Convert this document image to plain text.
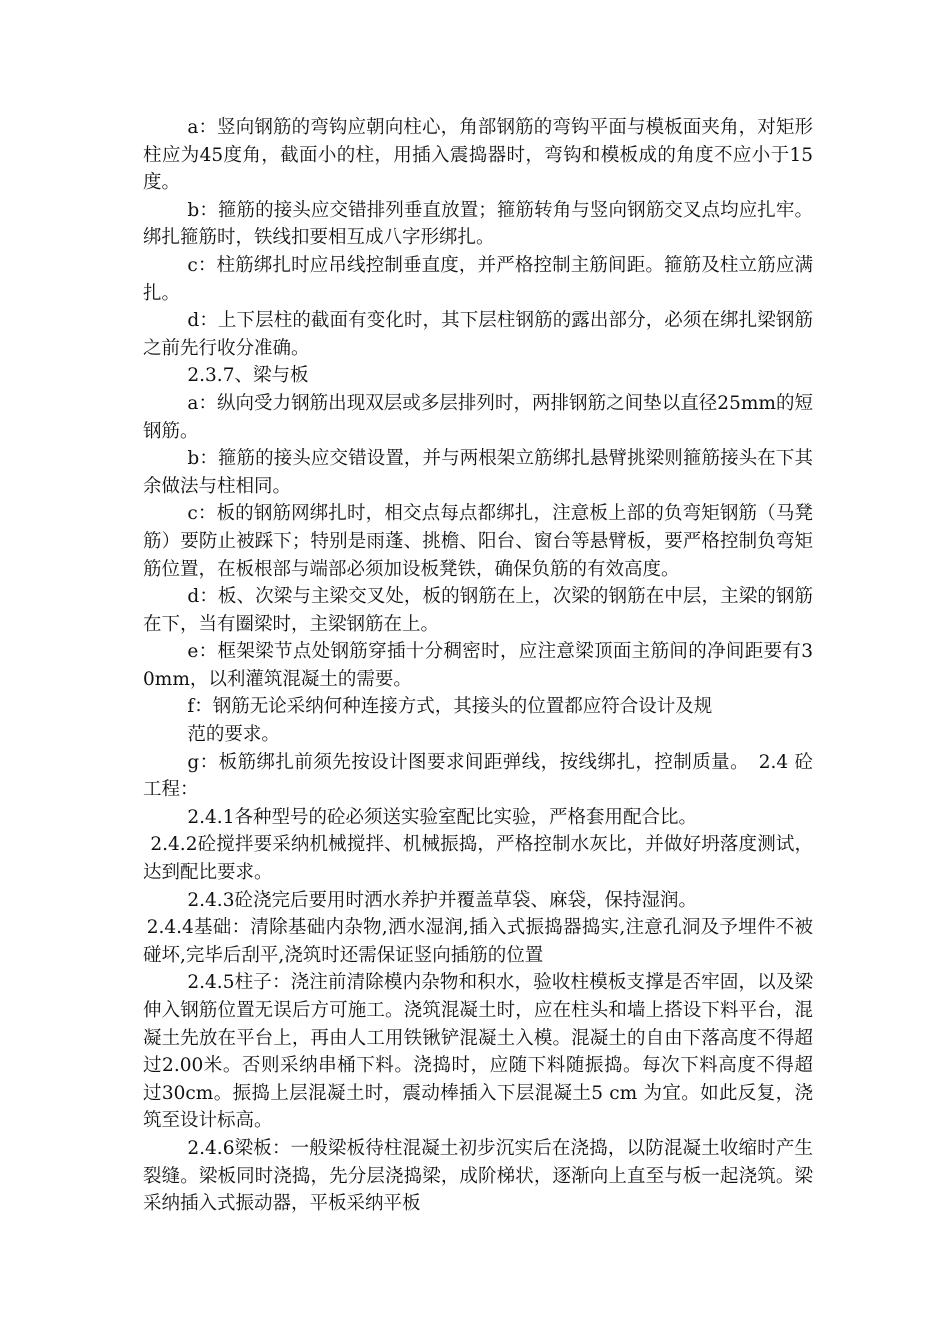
a：竖向钢筋的弯钩应朝向柱心，角部钢筋的弯钩平面与模板面夹角，对矩形柱应为45度角，截面小的柱，用插入震捣器时，弯钩和模板成的角度不应小于15度。

b：箍筋的接头应交错排列垂直放置；箍筋转角与竖向钢筋交叉点均应扎牢。绑扎箍筋时，铁线扣要相互成八字形绑扎。

c：柱筋绑扎时应吊线控制垂直度，并严格控制主筋间距。箍筋及柱立筋应满扎。

d：上下层柱的截面有变化时，其下层柱钢筋的露出部分，必须在绑扎梁钢筋之前先行收分准确。

2.3.7、梁与板

a：纵向受力钢筋出现双层或多层排列时，两排钢筋之间垫以直径25mm的短钢筋。

b：箍筋的接头应交错设置，并与两根架立筋绑扎悬臂挑梁则箍筋接头在下其余做法与柱相同。

c：板的钢筋网绑扎时，相交点每点都绑扎，注意板上部的负弯矩钢筋（马凳筋）要防止被踩下；特别是雨蓬、挑檐、阳台、窗台等悬臂板，要严格控制负弯矩筋位置，在板根部与端部必须加设板凳铁，确保负筋的有效高度。

d：板、次梁与主梁交叉处，板的钢筋在上，次梁的钢筋在中层，主梁的钢筋在下，当有圈梁时，主梁钢筋在上。

e：框架梁节点处钢筋穿插十分稠密时，应注意梁顶面主筋间的净间距要有30mm，以利灌筑混凝土的需要。

f：钢筋无论采纳何种连接方式，其接头的位置都应符合设计及规

范的要求。

g：板筋绑扎前须先按设计图要求间距弹线，按线绑扎，控制质量。　2.4 砼工程：

2.4.1各种型号的砼必须送实验室配比实验，严格套用配合比。

2.4.2砼搅拌要采纳机械搅拌、机械振捣，严格控制水灰比，并做好坍落度测试，达到配比要求。

2.4.3砼浇完后要用时洒水养护并覆盖草袋、麻袋，保持湿润。

2.4.4基础：清除基础内杂物,洒水湿润,插入式振捣器捣实,注意孔洞及予埋件不被碰坏,完毕后刮平,浇筑时还需保证竖向插筋的位置

2.4.5柱子：浇注前清除模内杂物和积水，验收柱模板支撑是否牢固，以及梁伸入钢筋位置无误后方可施工。浇筑混凝土时，应在柱头和墙上搭设下料平台，混凝土先放在平台上，再由人工用铁锹铲混凝土入模。混凝土的自由下落高度不得超过2.00米。否则采纳串桶下料。浇捣时，应随下料随振捣。每次下料高度不得超过30cm。振捣上层混凝土时，震动棒插入下层混凝土5 cm 为宜。如此反复，浇筑至设计标高。

2.4.6梁板：一般梁板待柱混凝土初步沉实后在浇捣，以防混凝土收缩时产生裂缝。梁板同时浇捣，先分层浇捣梁，成阶梯状，逐渐向上直至与板一起浇筑。梁采纳插入式振动器，平板采纳平板
